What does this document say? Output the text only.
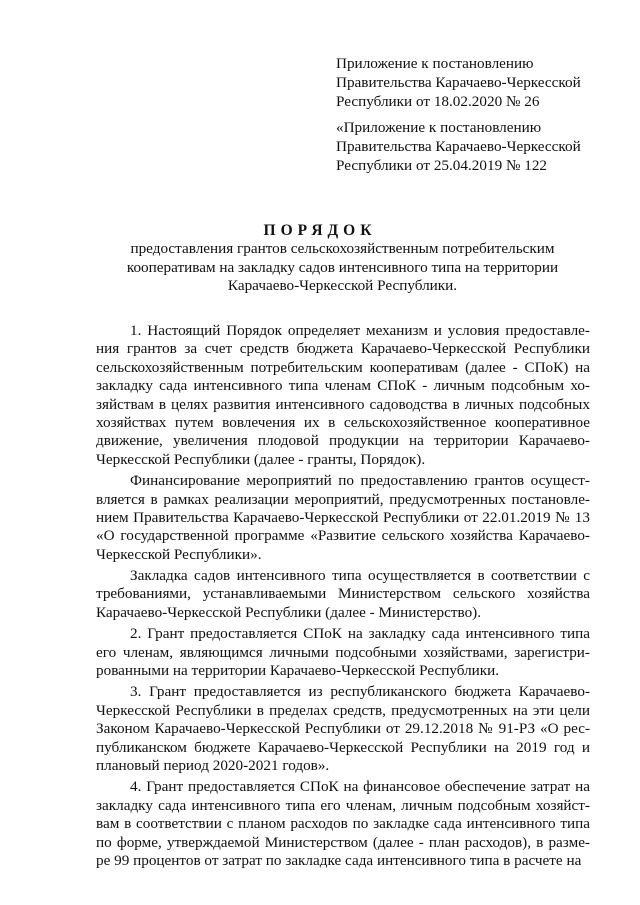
Приложение к постановлению
Правительства Карачаево-Черкесской
Республики от 18.02.2020 № 26
«Приложение к постановлению
Правительства Карачаево-Черкесской
Республики от 25.04.2019 № 122
ПОРЯДОК
предоставления грантов сельскохозяйственным потребительским
кооперативам на закладку садов интенсивного типа на территории
Карачаево-Черкесской Республики.
1. Настоящий Порядок определяет механизм и условия предоставле-
ния грантов за счет средств бюджета Карачаево-Черкесской Республики
сельскохозяйственным потребительским кооперативам (далее - СПоК) на
закладку сада интенсивного типа членам СПоК - личным подсобным хо-
зяйствам в целях развития интенсивного садоводства в личных подсобных
хозяйствах путем вовлечения их в сельскохозяйственное кооперативное
движение, увеличения плодовой продукции на территории Карачаево-
Черкесской Республики (далее - гранты, Порядок).
Финансирование мероприятий по предоставлению грантов осущест-
вляется в рамках реализации мероприятий, предусмотренных постановле-
нием Правительства Карачаево-Черкесской Республики от 22.01.2019 № 13
«О государственной программе «Развитие сельского хозяйства Карачаево-
Черкесской Республики».
Закладка садов интенсивного типа осуществляется в соответствии с
требованиями, устанавливаемыми Министерством сельского хозяйства
Карачаево-Черкесской Республики (далее - Министерство).
2. Грант предоставляется СПоК на закладку сада интенсивного типа
его членам, являющимся личными подсобными хозяйствами, зарегистри-
рованными на территории Карачаево-Черкесской Республики.
3. Грант предоставляется из республиканского бюджета Карачаево-
Черкесской Республики в пределах средств, предусмотренных на эти цели
Законом Карачаево-Черкесской Республики от 29.12.2018 № 91-РЗ «О рес-
публиканском бюджете Карачаево-Черкесской Республики на 2019 год и
плановый период 2020-2021 годов».
4. Грант предоставляется СПоК на финансовое обеспечение затрат на
закладку сада интенсивного типа его членам, личным подсобным хозяйст-
вам в соответствии с планом расходов по закладке сада интенсивного типа
по форме, утверждаемой Министерством (далее - план расходов), в разме-
ре 99 процентов от затрат по закладке сада интенсивного типа в расчете на
